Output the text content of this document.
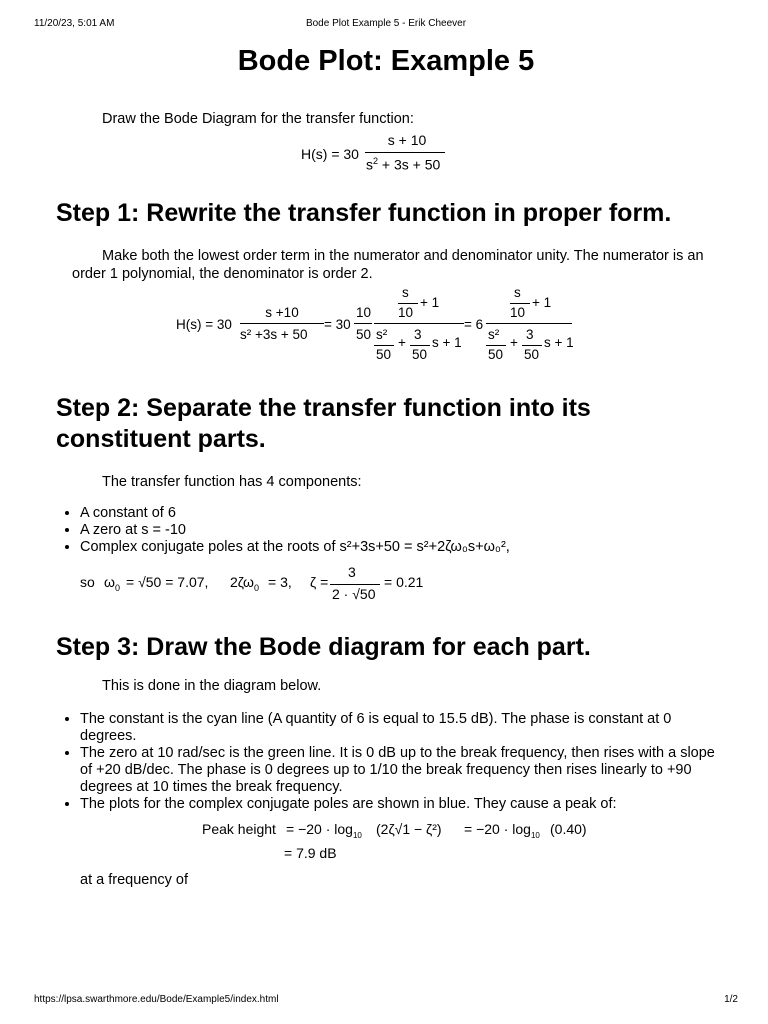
11/20/23, 5:01 AM	Bode Plot Example 5 - Erik Cheever
Bode Plot: Example 5

Draw the Bode Diagram for the transfer function:

H(s) = 30
s + 10
$s^2 + 3s + 50$
Step 1: Rewrite the transfer function in proper form.

Make both the lowest order term in the numerator and denominator unity. The numerator is an order 1 polynomial, the denominator is order 2.

H(s) = 30
s +10
s² +3s + 50
= 30
10
50
s
10
+ 1
s²
50
+
3
50
s + 1
= 6
s
10
+ 1
s²
50
+
3
50
s + 1
Step 2: Separate the transfer function into its constituent parts.

The transfer function has 4 components:

• A constant of 6
• A zero at s = -10
• Complex conjugate poles at the roots of s²+3s+50 = s²+2ζω₀s+ω₀²,
so $\omega_0 = √50 = 7.07$, $2\zeta\omega_0 = 3$, ζ =
3
2 · √50
= 0.21
Step 3: Draw the Bode diagram for each part.

This is done in the diagram below.

• The constant is the cyan line (A quantity of 6 is equal to 15.5 dB). The phase is constant at 0 degrees.
• The zero at 10 rad/sec is the green line. It is 0 dB up to the break frequency, then rises with a slope of +20 dB/dec. The phase is 0 degrees up to 1/10 the break frequency then rises linearly to +90 degrees at 10 times the break frequency.
• The plots for the complex conjugate poles are shown in blue. They cause a peak of:
Peak height = $-20 \cdot \log_{10} (2\zeta√1 - \zeta^2) = -20 \cdot \log_{10} (0.40)$
= 7.9 dB

at a frequency of

https://lpsa.swarthmore.edu/Bode/Example5/index.html	1/2
